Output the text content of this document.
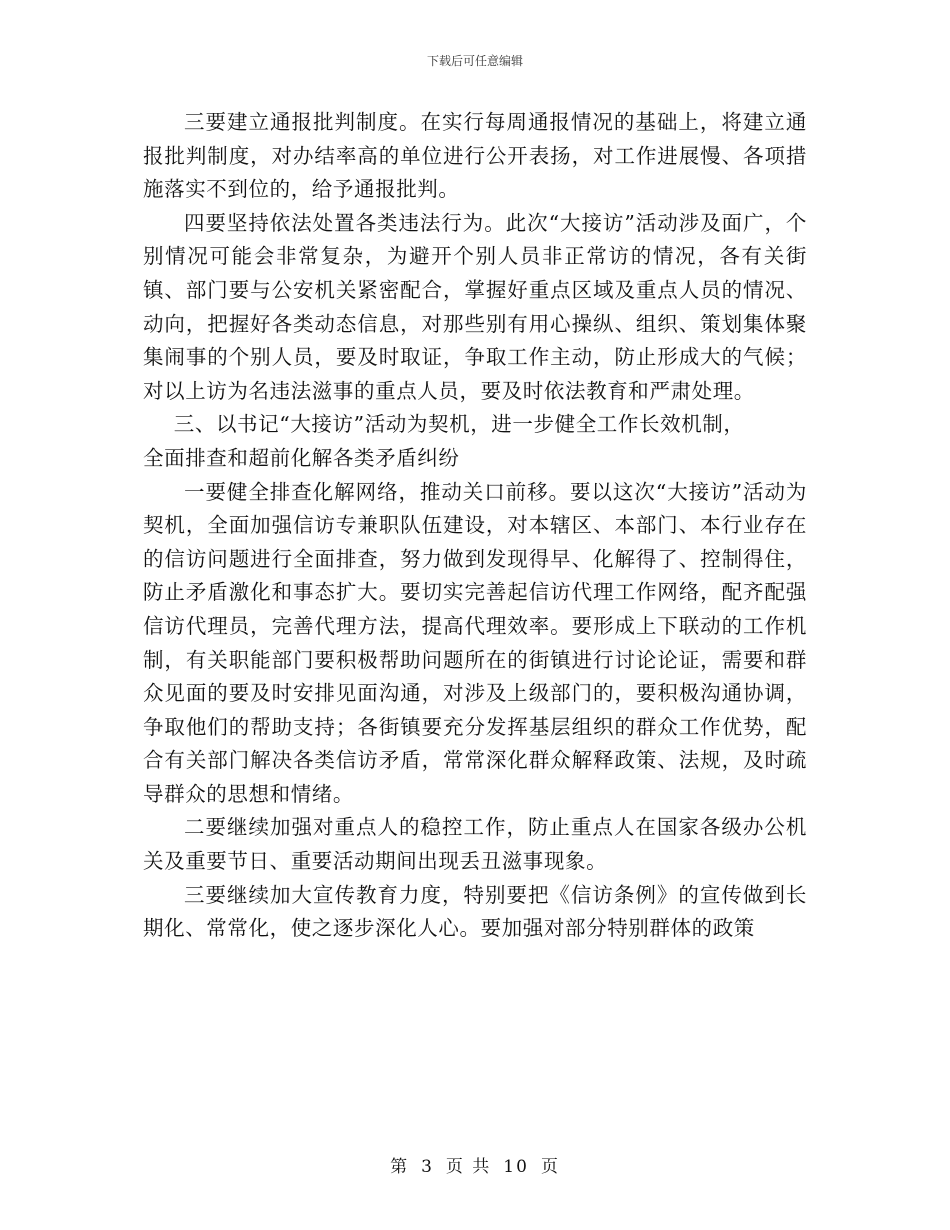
下载后可任意编辑

三要建立通报批判制度。在实行每周通报情况的基础上，将建立通报批判制度，对办结率高的单位进行公开表扬，对工作进展慢、各项措施落实不到位的，给予通报批判。

四要坚持依法处置各类违法行为。此次“大接访”活动涉及面广，个别情况可能会非常复杂，为避开个别人员非正常访的情况，各有关街镇、部门要与公安机关紧密配合，掌握好重点区域及重点人员的情况、动向，把握好各类动态信息，对那些别有用心操纵、组织、策划集体聚集闹事的个别人员，要及时取证，争取工作主动，防止形成大的气候；对以上访为名违法滋事的重点人员，要及时依法教育和严肃处理。

三、以书记“大接访”活动为契机，进一步健全工作长效机制，
全面排查和超前化解各类矛盾纠纷

一要健全排查化解网络，推动关口前移。要以这次“大接访”活动为契机，全面加强信访专兼职队伍建设，对本辖区、本部门、本行业存在的信访问题进行全面排查，努力做到发现得早、化解得了、控制得住，防止矛盾激化和事态扩大。要切实完善起信访代理工作网络，配齐配强信访代理员，完善代理方法，提高代理效率。要形成上下联动的工作机制，有关职能部门要积极帮助问题所在的街镇进行讨论论证，需要和群众见面的要及时安排见面沟通，对涉及上级部门的，要积极沟通协调，争取他们的帮助支持；各街镇要充分发挥基层组织的群众工作优势，配合有关部门解决各类信访矛盾，常常深化群众解释政策、法规，及时疏导群众的思想和情绪。

二要继续加强对重点人的稳控工作，防止重点人在国家各级办公机关及重要节日、重要活动期间出现丢丑滋事现象。

三要继续加大宣传教育力度，特别要把《信访条例》的宣传做到长期化、常常化，使之逐步深化人心。要加强对部分特别群体的政策

第 3 页 共 10 页
